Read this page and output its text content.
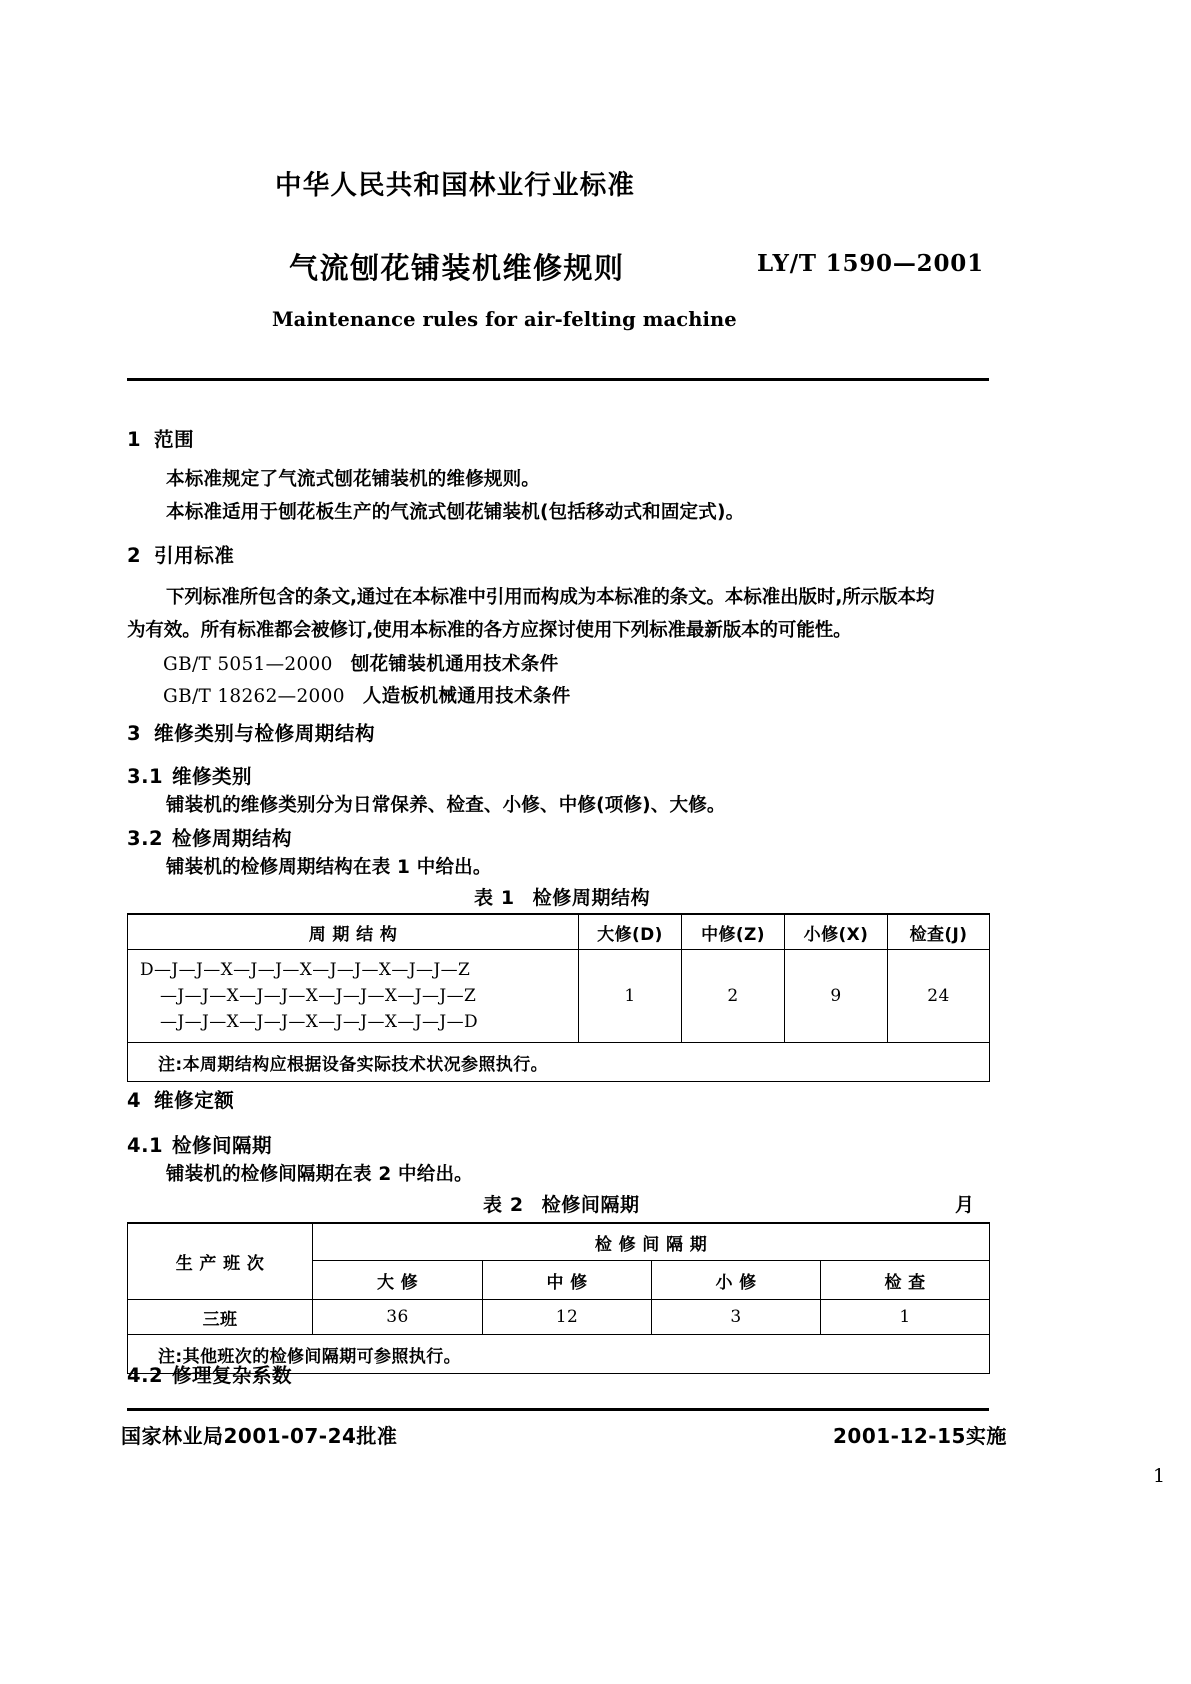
中华人民共和国林业行业标准
气流刨花铺装机维修规则	LY/T 1590—2001
Maintenance rules for air-felting machine
1 范围
本标准规定了气流式刨花铺装机的维修规则。
本标准适用于刨花板生产的气流式刨花铺装机(包括移动式和固定式)。
2 引用标准
下列标准所包含的条文,通过在本标准中引用而构成为本标准的条文。本标准出版时,所示版本均
为有效。所有标准都会被修订,使用本标准的各方应探讨使用下列标准最新版本的可能性。
GB/T 5051—2000 刨花铺装机通用技术条件
GB/T 18262—2000 人造板机械通用技术条件
3 维修类别与检修周期结构
3.1 维修类别
铺装机的维修类别分为日常保养、检查、小修、中修(项修)、大修。
3.2 检修周期结构
铺装机的检修周期结构在表 1 中给出。
表 1 检修周期结构
周 期 结 构	大修(D)	中修(Z)	小修(X)	检查(J)

D—J—J—X—J—J—X—J—J—X—J—J—Z
—J—J—X—J—J—X—J—J—X—J—J—Z
—J—J—X—J—J—X—J—J—X—J—J—D	1	2	9	24
注:本周期结构应根据设备实际技术状况参照执行。				
4 维修定额
4.1 检修间隔期
铺装机的检修间隔期在表 2 中给出。
表 2 检修间隔期	月
生 产 班 次	检 修 间 隔 期			
	大 修	中 修	小 修	检 查
三班	36	12	3	1
注:其他班次的检修间隔期可参照执行。				
4.2 修理复杂系数
国家林业局2001-07-24批准	2001-12-15实施
1
